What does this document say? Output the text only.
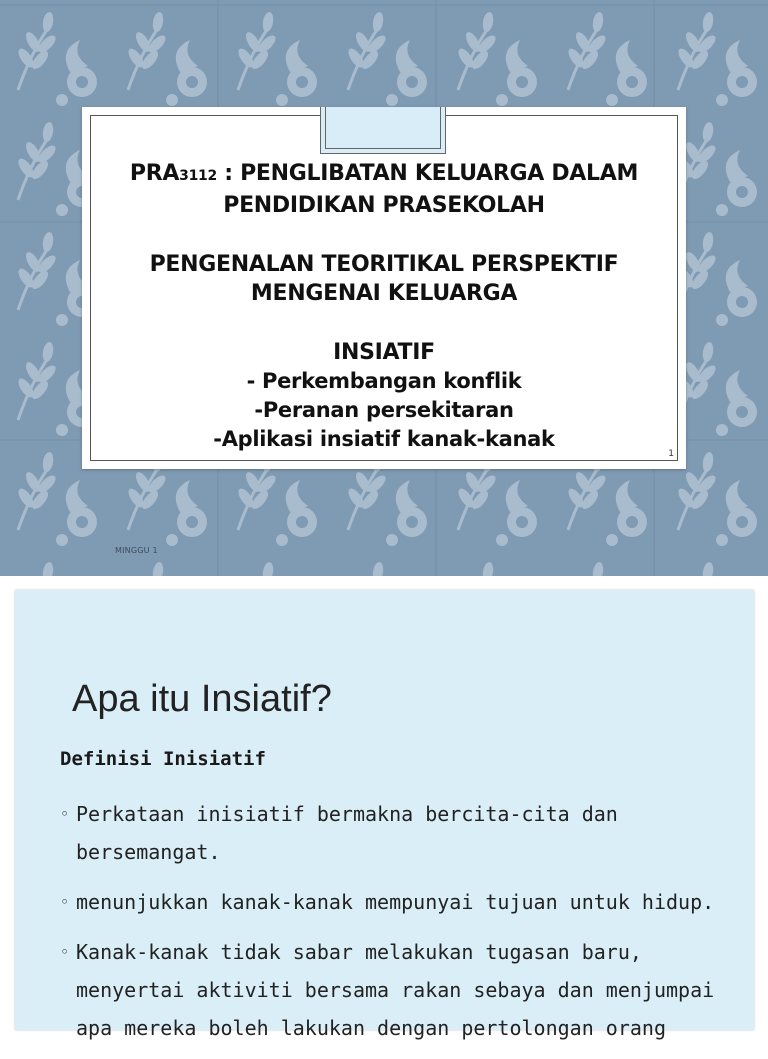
PRA3112 : PENGLIBATAN KELUARGA DALAM
PENDIDIKAN PRASEKOLAH
PENGENALAN TEORITIKAL PERSPEKTIF
MENGENAI KELUARGA
INSIATIF
- Perkembangan konflik
-Peranan persekitaran
-Aplikasi insiatif kanak-kanak
1
MINGGU 1
Apa itu Insiatif?
Definisi Inisiatif
◦ Perkataan inisiatif bermakna bercita-cita dan bersemangat.
◦ menunjukkan kanak-kanak mempunyai tujuan untuk hidup.
◦ Kanak-kanak tidak sabar melakukan tugasan baru, menyertai aktiviti bersama rakan sebaya dan menjumpai apa mereka boleh lakukan dengan pertolongan orang
